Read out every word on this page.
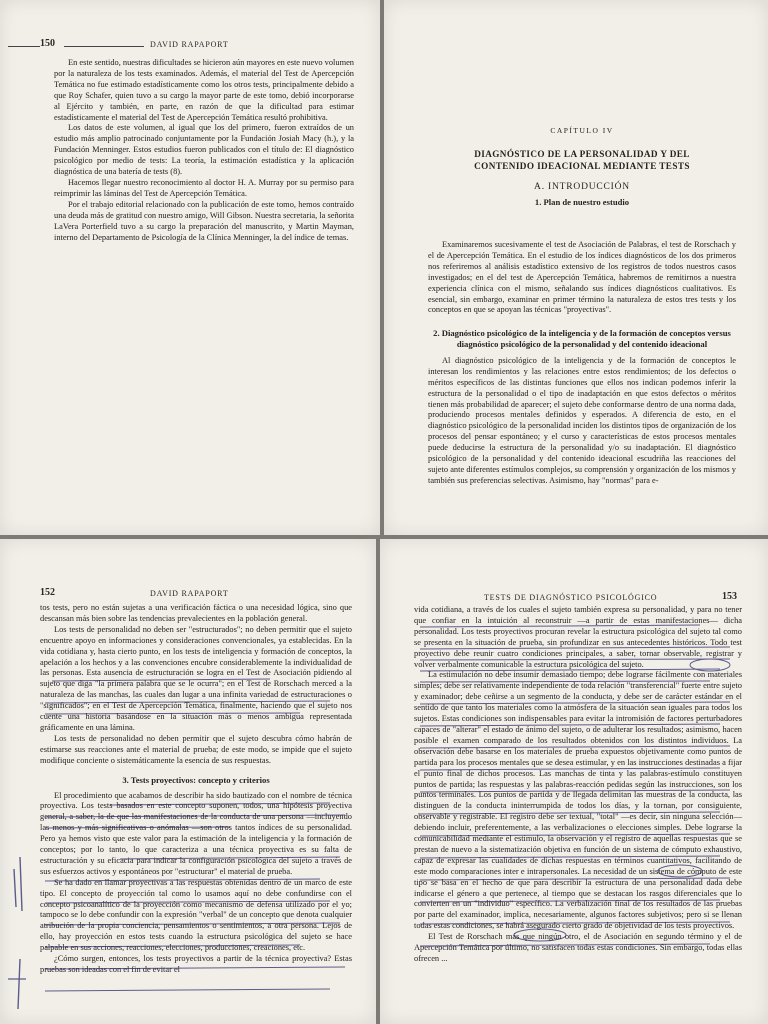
150	DAVID RAPAPORT

En este sentido, nuestras dificultades se hicieron aún mayores en este nuevo volumen por la naturaleza de los tests examinados. Además, el material del Test de Apercepción Temática no fue estimado estadísticamente como los otros tests, principalmente debido a que Roy Schafer, quien tuvo a su cargo la mayor parte de este tomo, debió incorporarse al Ejército y también, en parte, en razón de que la dificultad para estimar estadísticamente el material del Test de Apercepción Temática resultó prohibitiva.

Los datos de este volumen, al igual que los del primero, fueron extraídos de un estudio más amplio patrocinado conjuntamente por la Fundación Josiah Macy (h.), y la Fundación Menninger. Estos estudios fueron publicados con el título de: El diagnóstico psicológico por medio de tests: La teoría, la estimación estadística y la aplicación diagnóstica de una batería de tests (8).

Hacemos llegar nuestro reconocimiento al doctor H. A. Murray por su permiso para reimprimir las láminas del Test de Apercepción Temática.

Por el trabajo editorial relacionado con la publicación de este tomo, hemos contraído una deuda más de gratitud con nuestro amigo, Will Gibson. Nuestra secretaria, la señorita LaVera Porterfield tuvo a su cargo la preparación del manuscrito, y Martin Mayman, interno del Departamento de Psicología de la Clínica Menninger, la del índice de temas.

CAPÍTULO IV
DIAGNÓSTICO DE LA PERSONALIDAD Y DEL
CONTENIDO IDEACIONAL MEDIANTE TESTS
A. INTRODUCCIÓN
1. Plan de nuestro estudio

Examinaremos sucesivamente el test de Asociación de Palabras, el test de Rorschach y el de Apercepción Temática. En el estudio de los índices diagnósticos de los dos primeros nos referiremos al análisis estadístico extensivo de los registros de todos nuestros casos investigados; en el del test de Apercepción Temática, habremos de remitirnos a nuestra experiencia clínica con el mismo, señalando sus índices diagnósticos cualitativos. Es esencial, sin embargo, examinar en primer término la naturaleza de estos tres tests y los conceptos en que se apoyan las técnicas "proyectivas".

2. Diagnóstico psicológico de la inteligencia y de la formación de conceptos versus diagnóstico psicológico de la personalidad y del contenido ideacional

Al diagnóstico psicológico de la inteligencia y de la formación de conceptos le interesan los rendimientos y las relaciones entre estos rendimientos; de los defectos o méritos específicos de las distintas funciones que ellos nos indican podemos inferir la estructura de la personalidad o el tipo de inadaptación en que estos defectos o méritos tienen más probabilidad de aparecer; el sujeto debe conformarse dentro de una norma dada, produciendo procesos mentales definidos y esperados. A diferencia de esto, en el diagnóstico psicológico de la personalidad inciden los distintos tipos de organización de los procesos del pensar espontáneo; y el curso y características de estos procesos mentales puede deducirse la estructura de la personalidad y/o su inadaptación. El diagnóstico psicológico de la personalidad y del contenido ideacional escudriña las reacciones del sujeto ante diferentes estímulos complejos, su comprensión y organización de los mismos y también sus preferencias selectivas. Asimismo, hay "normas" para e-

152	DAVID RAPAPORT

tos tests, pero no están sujetas a una verificación fáctica o una necesidad lógica, sino que descansan más bien sobre las tendencias prevalecientes en la población general.

Los tests de personalidad no deben ser "estructurados"; no deben permitir que el sujeto encuentre apoyo en informaciones y consideraciones convencionales, ya establecidas. En la vida cotidiana y, hasta cierto punto, en los tests de inteligencia y formación de conceptos, la apelación a los hechos y a las convenciones encubre considerablemente la individualidad de las personas. Esta ausencia de estructuración se logra en el Test de Asociación pidiendo al sujeto que diga "la primera palabra que se le ocurra"; en el Test de Rorschach merced a la naturaleza de las manchas, las cuales dan lugar a una infinita variedad de estructuraciones o "significados"; en el Test de Apercepción Temática, finalmente, haciendo que el sujeto nos cuente una historia basándose en la situación más o menos ambigua representada gráficamente en una lámina.

Los tests de personalidad no deben permitir que el sujeto descubra cómo habrán de estimarse sus reacciones ante el material de prueba; de este modo, se impide que el sujeto modifique conciente o sistemáticamente la esencia de sus respuestas.

3. Tests proyectivos: concepto y criterios

El procedimiento que acabamos de describir ha sido bautizado con el nombre de técnica proyectiva. Los tests basados en este concepto suponen, todos, una hipótesis proyectiva general, a saber, la de que las manifestaciones de la conducta de una persona —incluyendo las menos y más significativas o anómalas —son otros tantos índices de su personalidad. Pero ya hemos visto que este valor para la estimación de la inteligencia y la formación de conceptos; por lo tanto, lo que caracteriza a una técnica proyectiva es su falta de estructuración y su eficacia para indicar la configuración psicológica del sujeto a través de sus esfuerzos activos y espontáneos por "estructurar" el material de prueba.

Se ha dado en llamar proyectivas a las respuestas obtenidas dentro de un marco de este tipo. El concepto de proyección tal como lo usamos aquí no debe confundirse con el concepto psicoanalítico de la proyección como mecanismo de defensa utilizado por el yo; tampoco se lo debe confundir con la expresión "verbal" de un concepto que denota cualquier atribución de la propia conciencia, pensamientos o sentimientos, a otra persona. Lejos de ello, hay proyección en estos tests cuando la estructura psicológica del sujeto se hace palpable en sus acciones, reacciones, elecciones, producciones, creaciones, etc.

¿Cómo surgen, entonces, los tests proyectivos a partir de la técnica proyectiva? Estas pruebas son ideadas con el fin de evitar el

TESTS DE DIAGNÓSTICO PSICOLÓGICO	153

vida cotidiana, a través de los cuales el sujeto también expresa su personalidad, y para no tener que confiar en la intuición al reconstruir —a partir de estas manifestaciones— dicha personalidad. Los tests proyectivos procuran revelar la estructura psicológica del sujeto tal como se presenta en la situación de prueba, sin profundizar en sus antecedentes históricos. Todo test proyectivo debe reunir cuatro condiciones principales, a saber, tornar observable, registrar y volver verbalmente comunicable la estructura psicológica del sujeto.

La estimulación no debe insumir demasiado tiempo; debe lograrse fácilmente con materiales simples; debe ser relativamente independiente de toda relación "transferencial" fuerte entre sujeto y examinador; debe ceñirse a un segmento de la conducta, y debe ser de carácter estándar en el sentido de que tanto los materiales como la atmósfera de la situación sean iguales para todos los sujetos. Estas condiciones son indispensables para evitar la intromisión de factores perturbadores capaces de "alterar" el estado de ánimo del sujeto, o de adulterar los resultados; asimismo, hacen posible el examen comparado de los resultados obtenidos con los distintos individuos. La observación debe basarse en los materiales de prueba expuestos objetivamente como puntos de partida para los procesos mentales que se desea estimular, y en las instrucciones destinadas a fijar el punto final de dichos procesos. Las manchas de tinta y las palabras-estímulo constituyen puntos de partida; las respuestas y las palabras-reacción pedidas según las instrucciones, son los puntos terminales. Los puntos de partida y de llegada delimitan las muestras de la conducta, las distinguen de la conducta ininterrumpida de todos los días, y la tornan, por consiguiente, observable y registrable. El registro debe ser textual, "total" —es decir, sin ninguna selección— debiendo incluir, preferentemente, a las verbalizaciones o elecciones simples. Debe lograrse la comunicabilidad mediante el estímulo, la observación y el registro de aquellas respuestas que se prestan de nuevo a la sistematización objetiva en función de un sistema de cómputo exhaustivo, capaz de expresar las cualidades de dichas respuestas en términos cuantitativos, facilitando de este modo comparaciones inter e intrapersonales. La necesidad de un sistema de cómputo de este tipo se basa en el hecho de que para describir la estructura de una personalidad dada debe indicarse el género a que pertenece, al tiempo que se destacan los rasgos diferenciales que lo convierten en un "individuo" específico. La verbalización final de los resultados de las pruebas por parte del examinador, implica, necesariamente, algunos factores subjetivos; pero si se llenan todas estas condiciones, se habrá asegurado cierto grado de objetividad de los tests proyectivos.

El Test de Rorschach más que ningún otro, el de Asociación en segundo término y el de Apercepción Temática por último, no satisfacen todas estas condiciones. Sin embargo, todas ellas ofrecen ...
